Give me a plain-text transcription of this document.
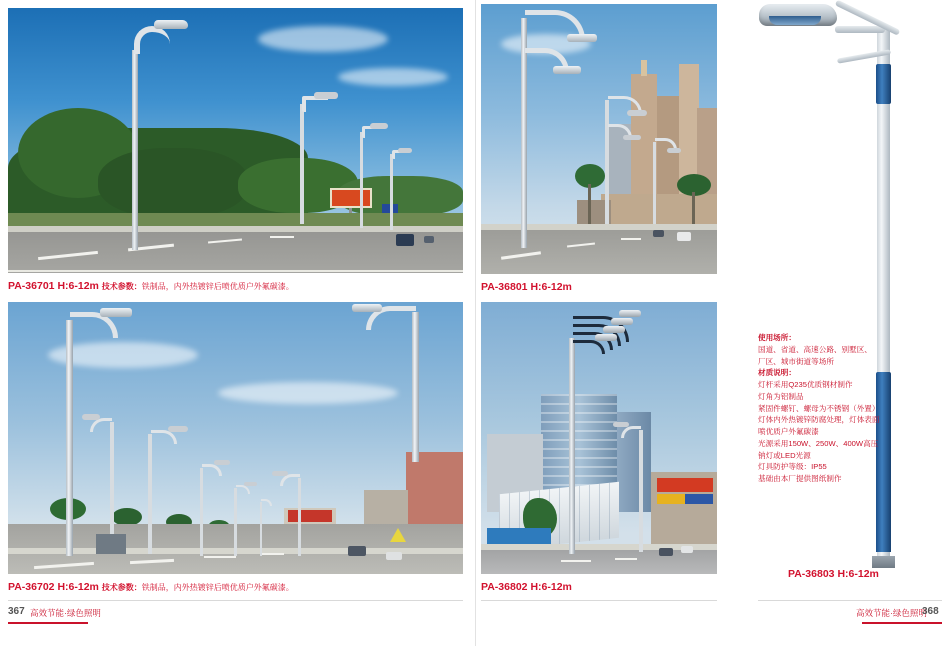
PA-36701 H:6-12m 技术参数：铁制品，内外热镀锌后喷优质户外氟碳漆。	PA-36801 H:6-12m
PA-36702 H:6-12m 技术参数：铁制品，内外热镀锌后喷优质户外氟碳漆。	PA-36802 H:6-12m
使用场所：
国道、省道、高速公路、别墅区、
厂区、城市街道等场所
材质说明：
灯杆采用Q235优质钢材制作
灯角为铝制品
紧固件螺钉、螺母为不锈钢（外置）
灯体内外热镀锌防腐处理，灯体表面
喷优质户外氟碳漆
光源采用150W、250W、400W高压
钠灯或LED光源
灯具防护等级：IP55
基础由本厂提供图纸制作
PA-36803 H:6-12m
367 高效节能·绿色照明	高效节能·绿色照明
368
